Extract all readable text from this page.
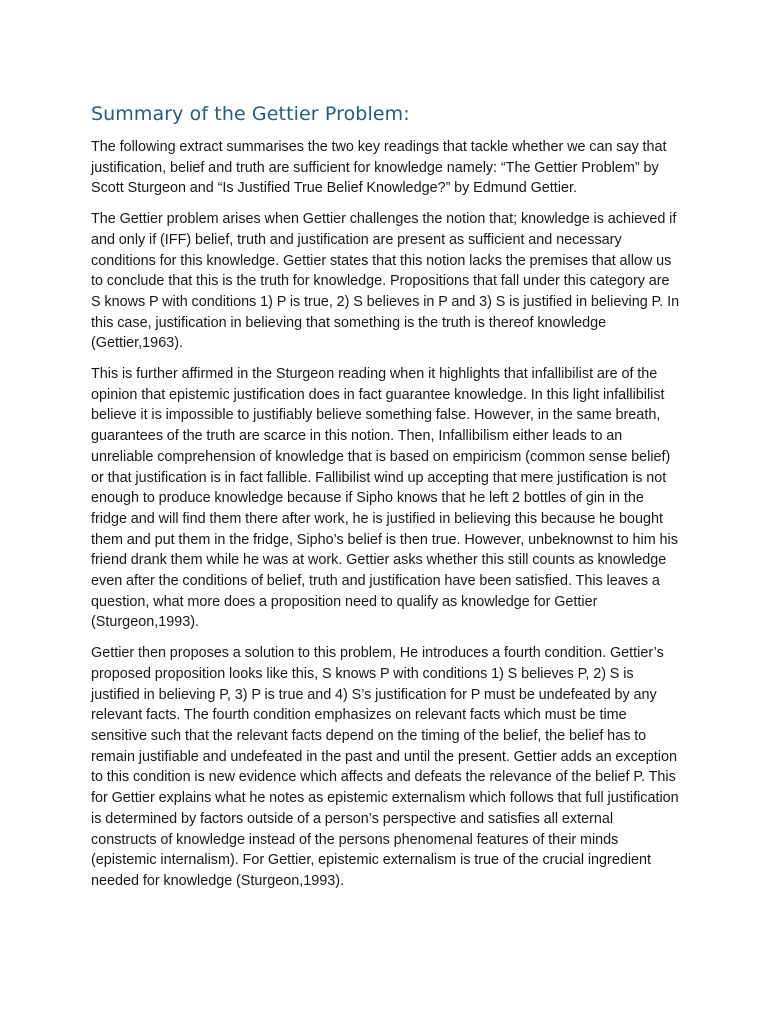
Summary of the Gettier Problem:

The following extract summarises the two key readings that tackle whether we can say that justification, belief and truth are sufficient for knowledge namely: “The Gettier Problem” by Scott Sturgeon and “Is Justified True Belief Knowledge?” by Edmund Gettier.

The Gettier problem arises when Gettier challenges the notion that; knowledge is achieved if and only if (IFF) belief, truth and justification are present as sufficient and necessary conditions for this knowledge. Gettier states that this notion lacks the premises that allow us to conclude that this is the truth for knowledge. Propositions that fall under this category are S knows P with conditions 1) P is true, 2) S believes in P and 3) S is justified in believing P. In this case, justification in believing that something is the truth is thereof knowledge (Gettier,1963).

This is further affirmed in the Sturgeon reading when it highlights that infallibilist are of the opinion that epistemic justification does in fact guarantee knowledge. In this light infallibilist believe it is impossible to justifiably believe something false. However, in the same breath, guarantees of the truth are scarce in this notion. Then, Infallibilism either leads to an unreliable comprehension of knowledge that is based on empiricism (common sense belief) or that justification is in fact fallible. Fallibilist wind up accepting that mere justification is not enough to produce knowledge because if Sipho knows that he left 2 bottles of gin in the fridge and will find them there after work, he is justified in believing this because he bought them and put them in the fridge, Sipho’s belief is then true. However, unbeknownst to him his friend drank them while he was at work. Gettier asks whether this still counts as knowledge even after the conditions of belief, truth and justification have been satisfied. This leaves a question, what more does a proposition need to qualify as knowledge for Gettier (Sturgeon,1993).

Gettier then proposes a solution to this problem, He introduces a fourth condition. Gettier’s proposed proposition looks like this, S knows P with conditions 1) S believes P, 2) S is justified in believing P, 3) P is true and 4) S’s justification for P must be undefeated by any relevant facts. The fourth condition emphasizes on relevant facts which must be time sensitive such that the relevant facts depend on the timing of the belief, the belief has to remain justifiable and undefeated in the past and until the present. Gettier adds an exception to this condition is new evidence which affects and defeats the relevance of the belief P. This for Gettier explains what he notes as epistemic externalism which follows that full justification is determined by factors outside of a person’s perspective and satisfies all external constructs of knowledge instead of the persons phenomenal features of their minds (epistemic internalism). For Gettier, epistemic externalism is true of the crucial ingredient needed for knowledge (Sturgeon,1993).
